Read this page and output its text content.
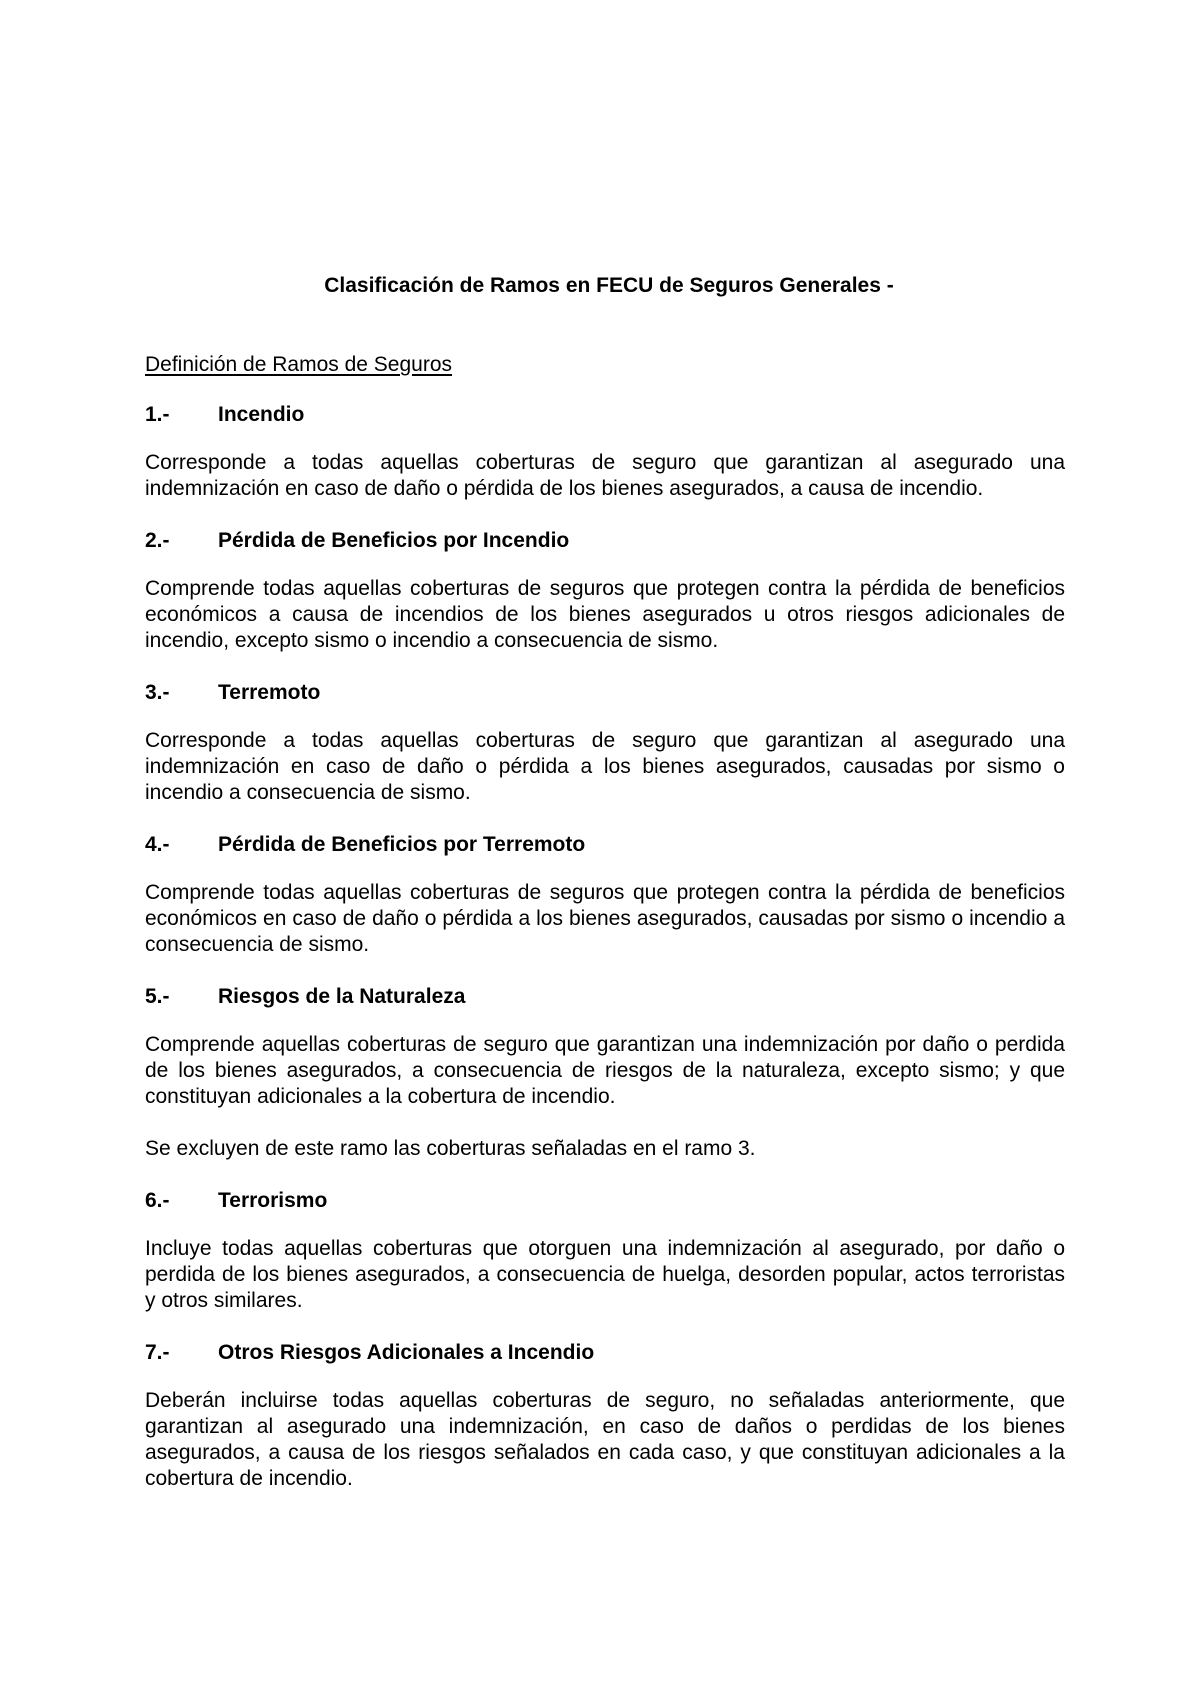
Clasificación de Ramos en FECU de Seguros Generales -
Definición de Ramos de Seguros
1.-	Incendio

Corresponde a todas aquellas coberturas de seguro que garantizan al asegurado una indemnización en caso de daño o pérdida de los bienes asegurados, a causa de incendio.

2.-	Pérdida de Beneficios por Incendio

Comprende todas aquellas coberturas de seguros que protegen contra la pérdida de beneficios económicos a causa de incendios de los bienes asegurados u otros riesgos adicionales de incendio, excepto sismo o incendio a consecuencia de sismo.

3.-	Terremoto

Corresponde a todas aquellas coberturas de seguro que garantizan al asegurado una indemnización en caso de daño o pérdida a los bienes asegurados, causadas por sismo o incendio a consecuencia de sismo.

4.-	Pérdida de Beneficios por Terremoto

Comprende todas aquellas coberturas de seguros que protegen contra la pérdida de beneficios económicos en caso de daño o pérdida a los bienes asegurados, causadas por sismo o incendio a consecuencia de sismo.

5.-	Riesgos de la Naturaleza

Comprende aquellas coberturas de seguro que garantizan una indemnización por daño o perdida de los bienes asegurados, a consecuencia de riesgos de la naturaleza, excepto sismo; y que constituyan adicionales a la cobertura de incendio.

Se excluyen de este ramo las coberturas señaladas en el ramo 3.

6.-	Terrorismo

Incluye todas aquellas coberturas que otorguen una indemnización al asegurado, por daño o perdida de los bienes asegurados, a consecuencia de huelga, desorden popular, actos terroristas y otros similares.

7.-	Otros Riesgos Adicionales a Incendio

Deberán incluirse todas aquellas coberturas de seguro, no señaladas anteriormente, que garantizan al asegurado una indemnización, en caso de daños o perdidas de los bienes asegurados, a causa de los riesgos señalados en cada caso, y que constituyan adicionales a la cobertura de incendio.
